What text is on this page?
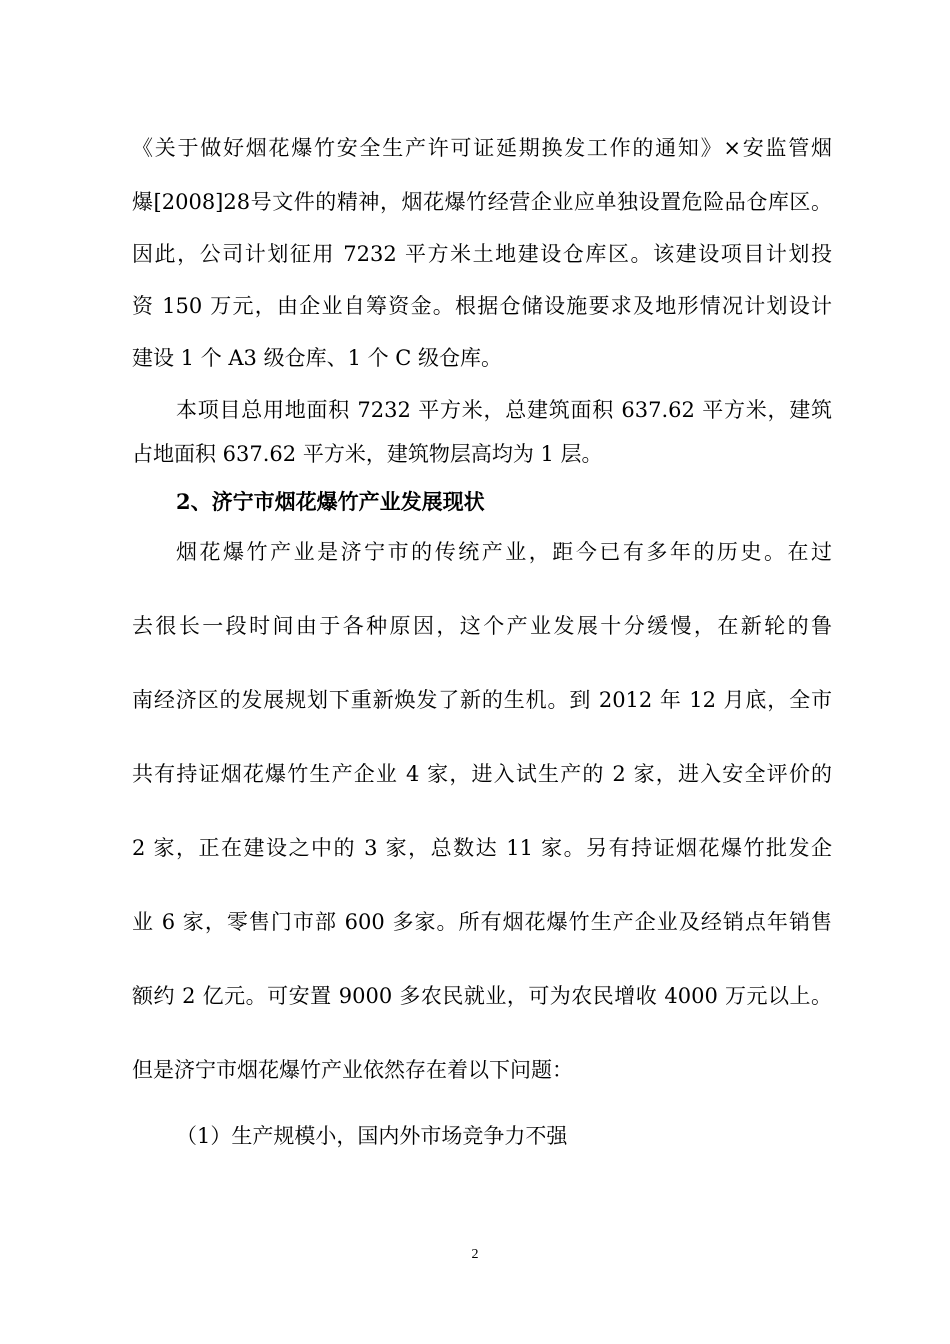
《关于做好烟花爆竹安全生产许可证延期换发工作的通知》×安监管烟
爆[2008]28号文件的精神，烟花爆竹经营企业应单独设置危险品仓库区。
因此，公司计划征用 7232 平方米土地建设仓库区。该建设项目计划投
资 150 万元，由企业自筹资金。根据仓储设施要求及地形情况计划设计
建设 1 个 A3 级仓库、1 个 C 级仓库。
本项目总用地面积 7232 平方米，总建筑面积 637.62 平方米，建筑
占地面积 637.62 平方米，建筑物层高均为 1 层。
2、济宁市烟花爆竹产业发展现状
烟花爆竹产业是济宁市的传统产业，距今已有多年的历史。在过
去很长一段时间由于各种原因，这个产业发展十分缓慢，在新轮的鲁
南经济区的发展规划下重新焕发了新的生机。到 2012 年 12 月底，全市
共有持证烟花爆竹生产企业 4 家，进入试生产的 2 家，进入安全评价的
2 家，正在建设之中的 3 家，总数达 11 家。另有持证烟花爆竹批发企
业 6 家，零售门市部 600 多家。所有烟花爆竹生产企业及经销点年销售
额约 2 亿元。可安置 9000 多农民就业，可为农民增收 4000 万元以上。
但是济宁市烟花爆竹产业依然存在着以下问题：
（1）生产规模小，国内外市场竞争力不强
2
